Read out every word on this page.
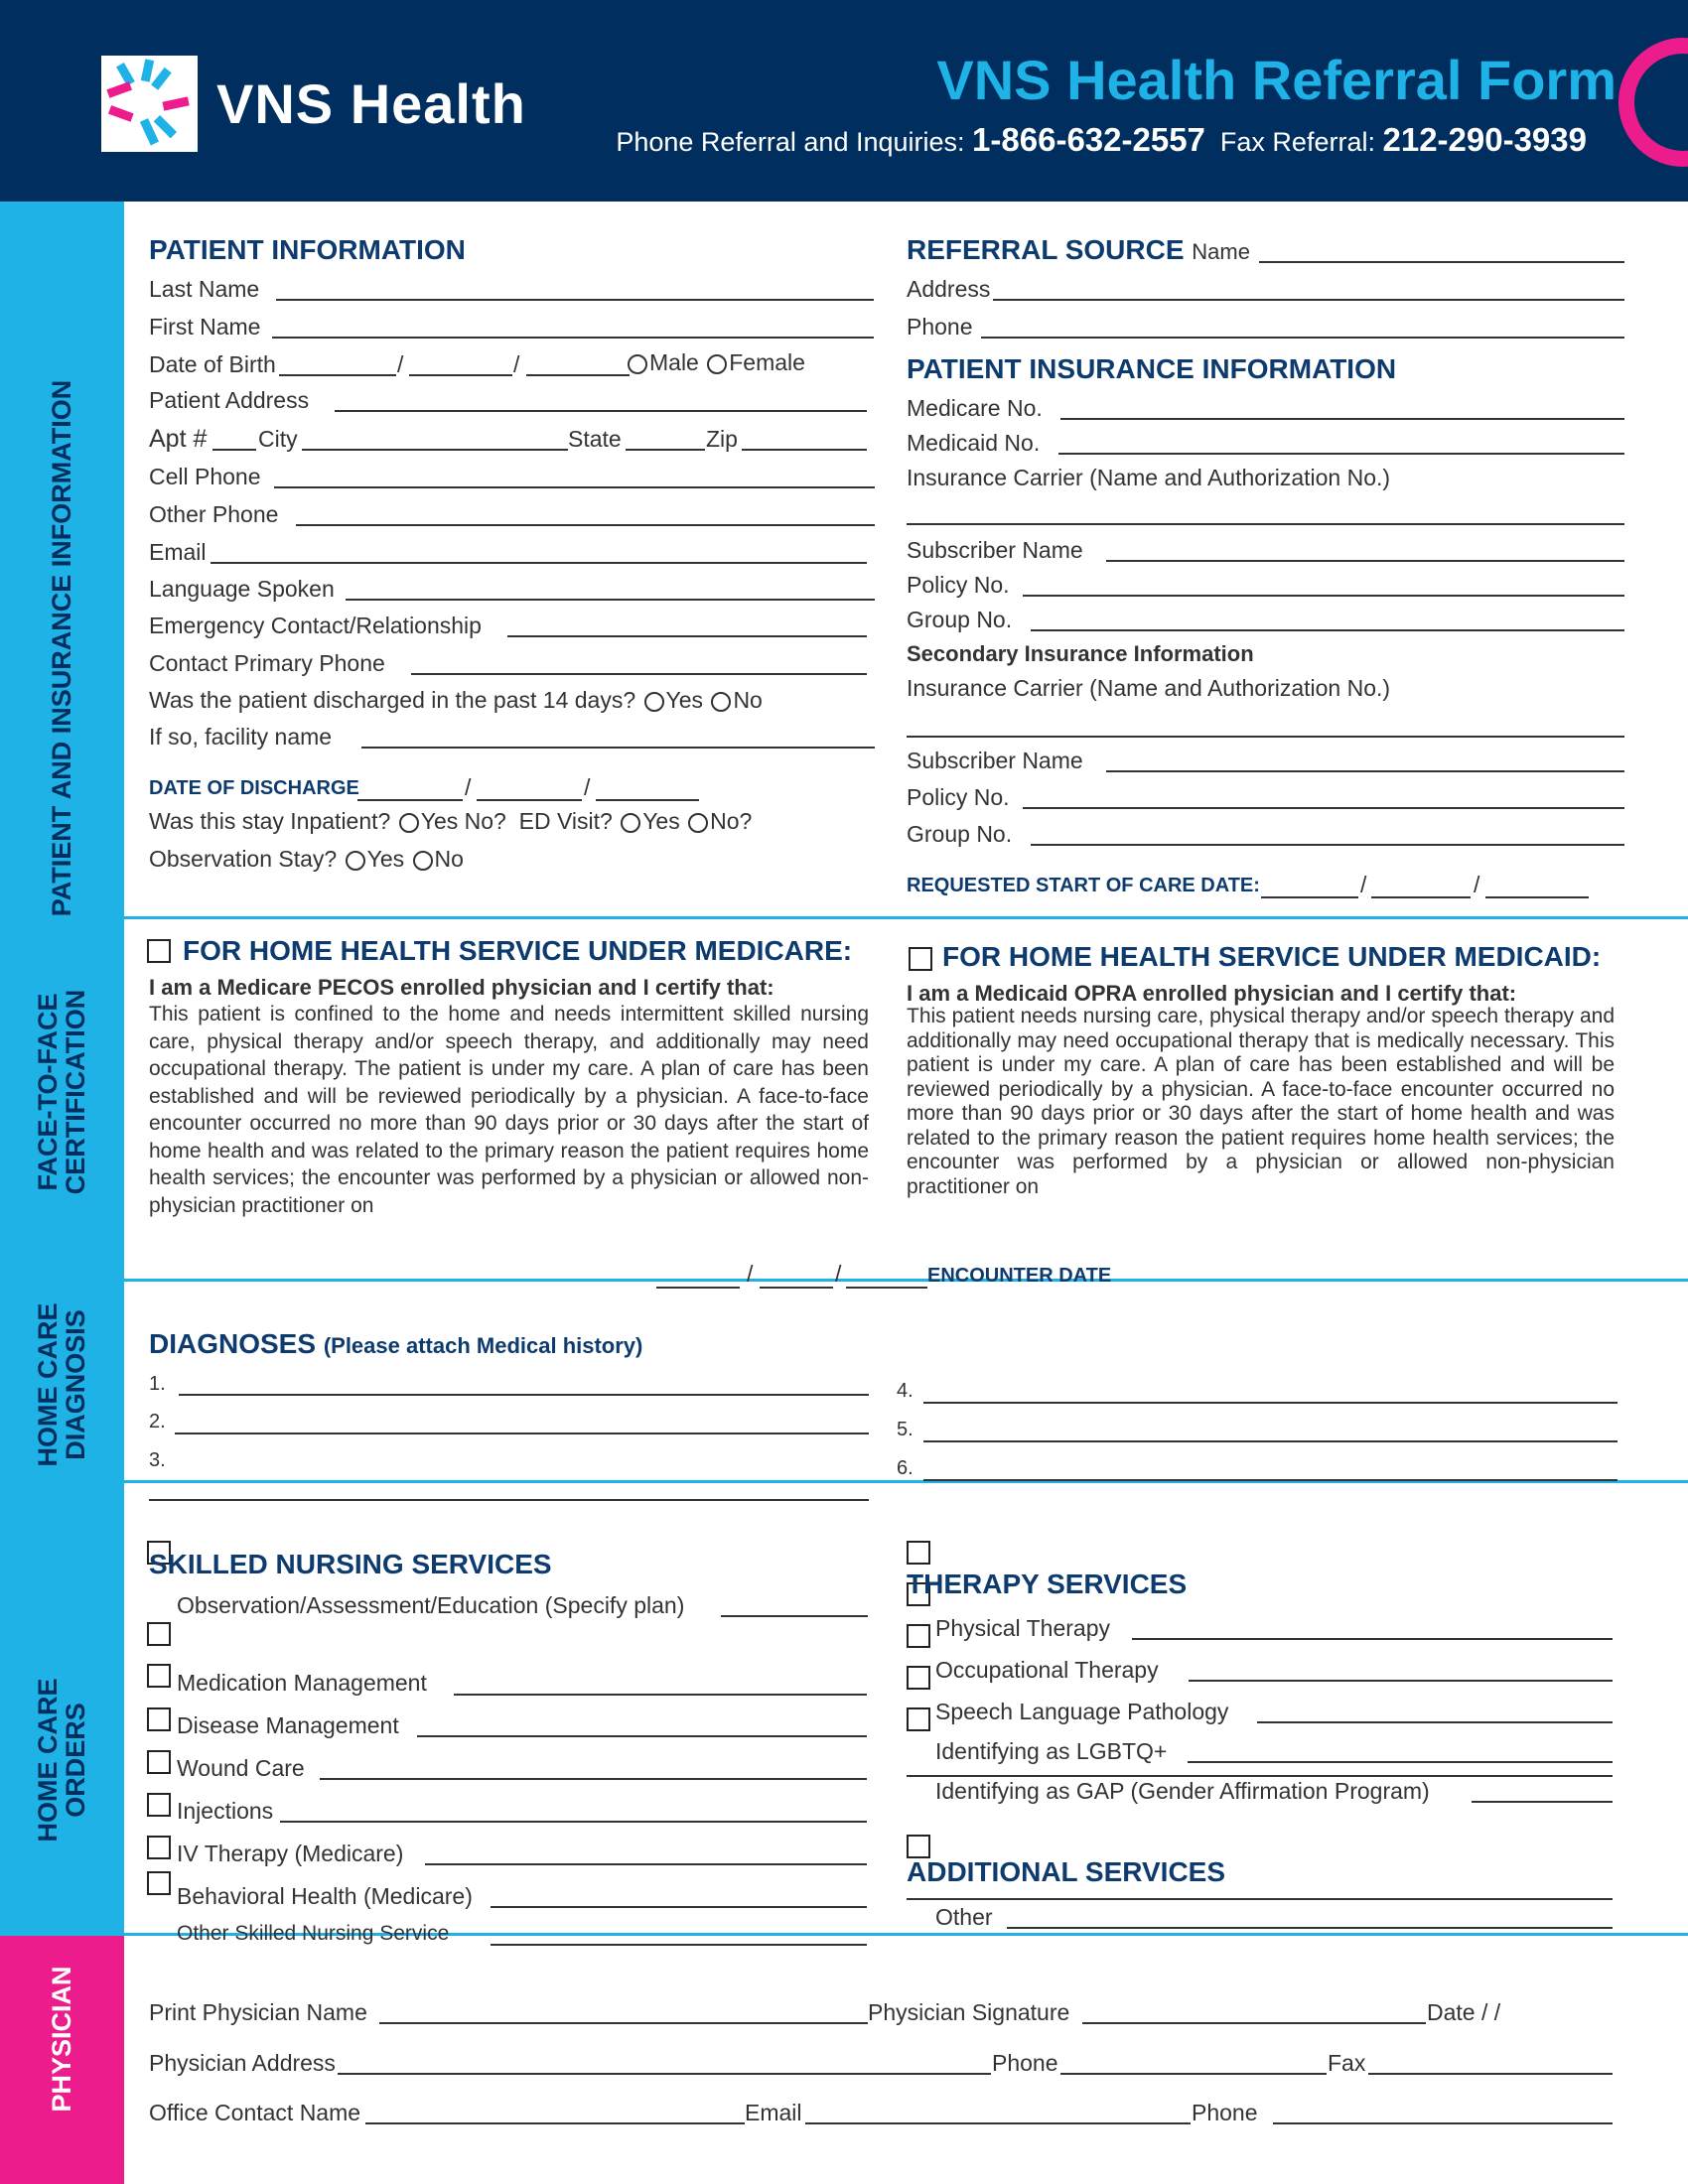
VNS Health	VNS Health Referral Form
Phone Referral and Inquiries: 1-866-632-2557 Fax Referral: 212-290-3939
PATIENT AND INSURANCE INFORMATION
FACE-TO-FACE CERTIFICATION
HOME CARE DIAGNOSIS
HOME CARE ORDERS
PHYSICIAN
PATIENT INFORMATION
Last Name
First Name
Date of Birth	/	/	Male Female
Patient Address
Apt # City	State	Zip
Cell Phone
Other Phone
Email
Language Spoken
Emergency Contact/Relationship
Contact Primary Phone
Was the patient discharged in the past 14 days? Yes No
If so, facility name
DATE OF DISCHARGE	/	/
Was this stay Inpatient? Yes No? ED Visit? Yes No?
Observation Stay? Yes No
REFERRAL SOURCE Name
Address
Phone
PATIENT INSURANCE INFORMATION
Medicare No.
Medicaid No.
Insurance Carrier (Name and Authorization No.)
Subscriber Name
Policy No.
Group No.
Secondary Insurance Information
Insurance Carrier (Name and Authorization No.)
Subscriber Name
Policy No.
Group No.
REQUESTED START OF CARE DATE:	/	/
FOR HOME HEALTH SERVICE UNDER MEDICARE:
I am a Medicare PECOS enrolled physician and I certify that:
This patient is confined to the home and needs intermittent skilled nursing care, physical therapy and/or speech therapy, and additionally may need occupational therapy. The patient is under my care. A plan of care has been established and will be reviewed periodically by a physician. A face-to-face encounter occurred no more than 90 days prior or 30 days after the start of home health and was related to the primary reason the patient requires home health services; the encounter was performed by a physician or allowed non-physician practitioner on
FOR HOME HEALTH SERVICE UNDER MEDICAID:
I am a Medicaid OPRA enrolled physician and I certify that:
This patient needs nursing care, physical therapy and/or speech therapy and additionally may need occupational therapy that is medically necessary. This patient is under my care. A plan of care has been established and will be reviewed periodically by a physician. A face-to-face encounter occurred no more than 90 days prior or 30 days after the start of home health and was related to the primary reason the patient requires home health services; the encounter was performed by a physician or allowed non-physician practitioner on
/	/	ENCOUNTER DATE
DIAGNOSES (Please attach Medical history)
1.
2.
3.
4.
5.
6.
SKILLED NURSING SERVICES
Observation/Assessment/Education (Specify plan)
Medication Management
Disease Management
Wound Care
Injections
IV Therapy (Medicare)
Behavioral Health (Medicare)
Other Skilled Nursing Service
THERAPY SERVICES
Physical Therapy
Occupational Therapy
Speech Language Pathology
Identifying as LGBTQ+
Identifying as GAP (Gender Affirmation Program)
ADDITIONAL SERVICES
Other
Print Physician Name	Physician Signature	Date / /
Physician Address	Phone	Fax
Office Contact Name	Email	Phone
